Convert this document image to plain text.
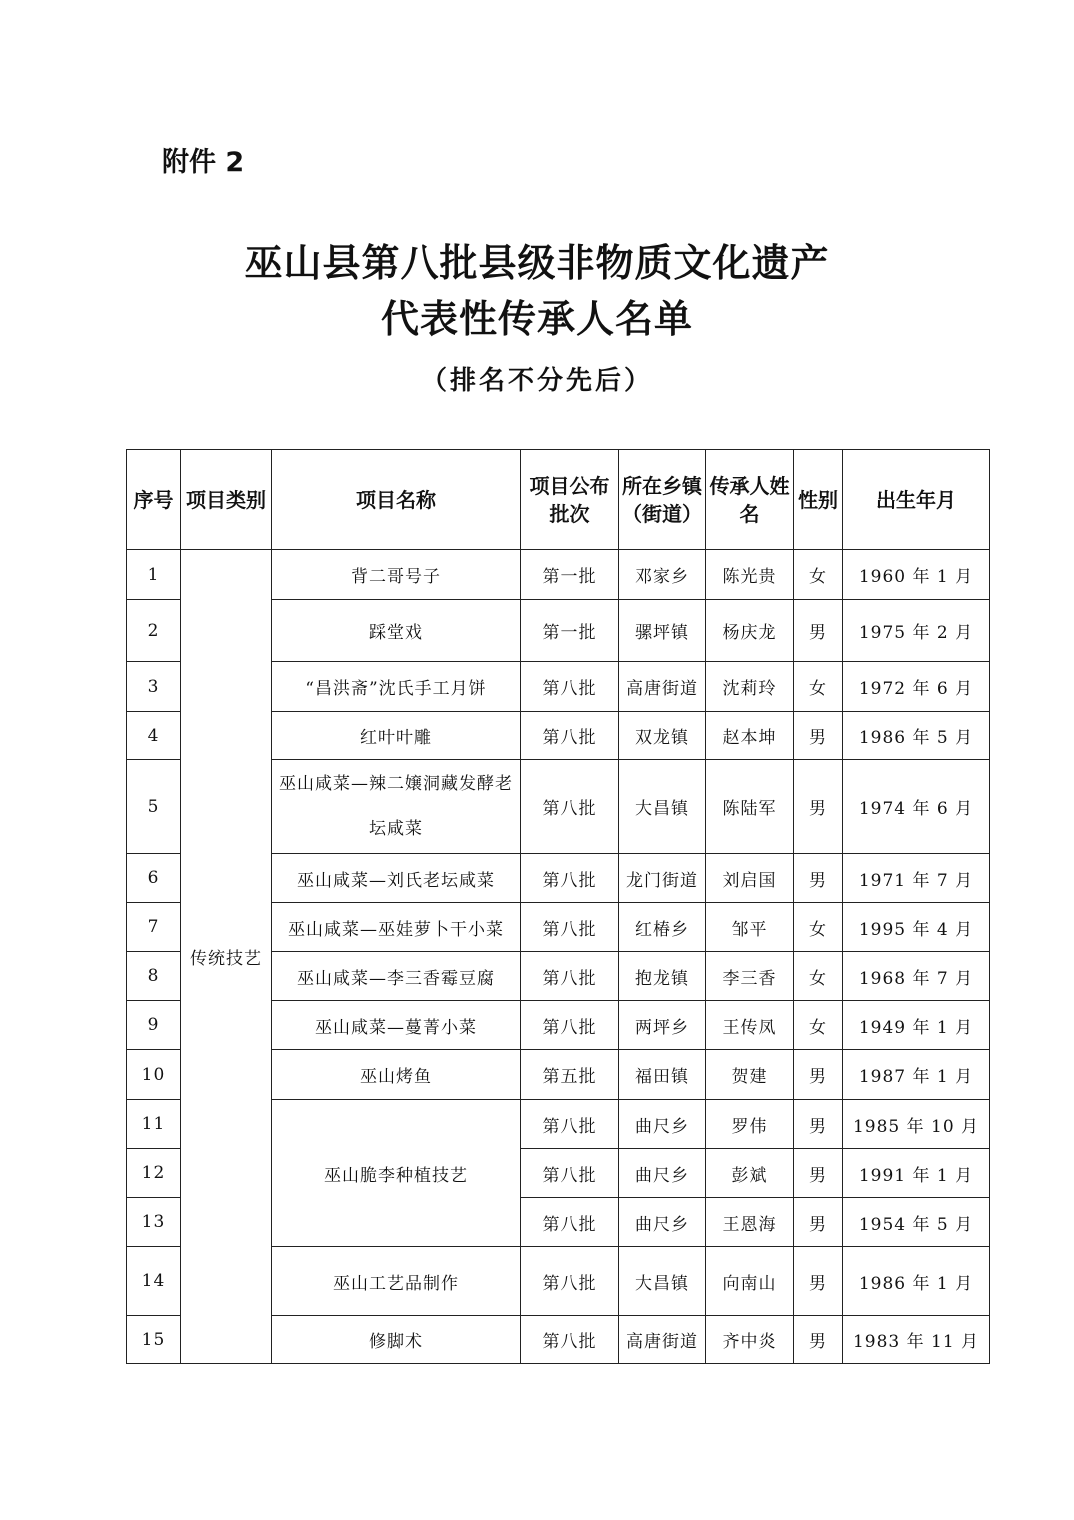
附件 2
巫山县第八批县级非物质文化遗产
代表性传承人名单
（排名不分先后）
序号	项目类别	项目名称	项目公布批次	所在乡镇（街道）	传承人姓名	性别	出生年月
1	传统技艺	背二哥号子	第一批	邓家乡	陈光贵	女	1960 年 1 月
2		踩堂戏	第一批	骡坪镇	杨庆龙	男	1975 年 2 月
3		“昌洪斋”沈氏手工月饼	第八批	高唐街道	沈莉玲	女	1972 年 6 月
4		红叶叶雕	第八批	双龙镇	赵本坤	男	1986 年 5 月
5		巫山咸菜—辣二嬢洞藏发酵老坛咸菜	第八批	大昌镇	陈陆军	男	1974 年 6 月
6		巫山咸菜—刘氏老坛咸菜	第八批	龙门街道	刘启国	男	1971 年 7 月
7		巫山咸菜—巫娃萝卜干小菜	第八批	红椿乡	邹平	女	1995 年 4 月
8		巫山咸菜—李三香霉豆腐	第八批	抱龙镇	李三香	女	1968 年 7 月
9		巫山咸菜—蔓菁小菜	第八批	两坪乡	王传凤	女	1949 年 1 月
10		巫山烤鱼	第五批	福田镇	贺建	男	1987 年 1 月
11		巫山脆李种植技艺	第八批	曲尺乡	罗伟	男	1985 年 10 月
12			第八批	曲尺乡	彭斌	男	1991 年 1 月
13			第八批	曲尺乡	王恩海	男	1954 年 5 月
14		巫山工艺品制作	第八批	大昌镇	向南山	男	1986 年 1 月
15		修脚术	第八批	高唐街道	齐中炎	男	1983 年 11 月
